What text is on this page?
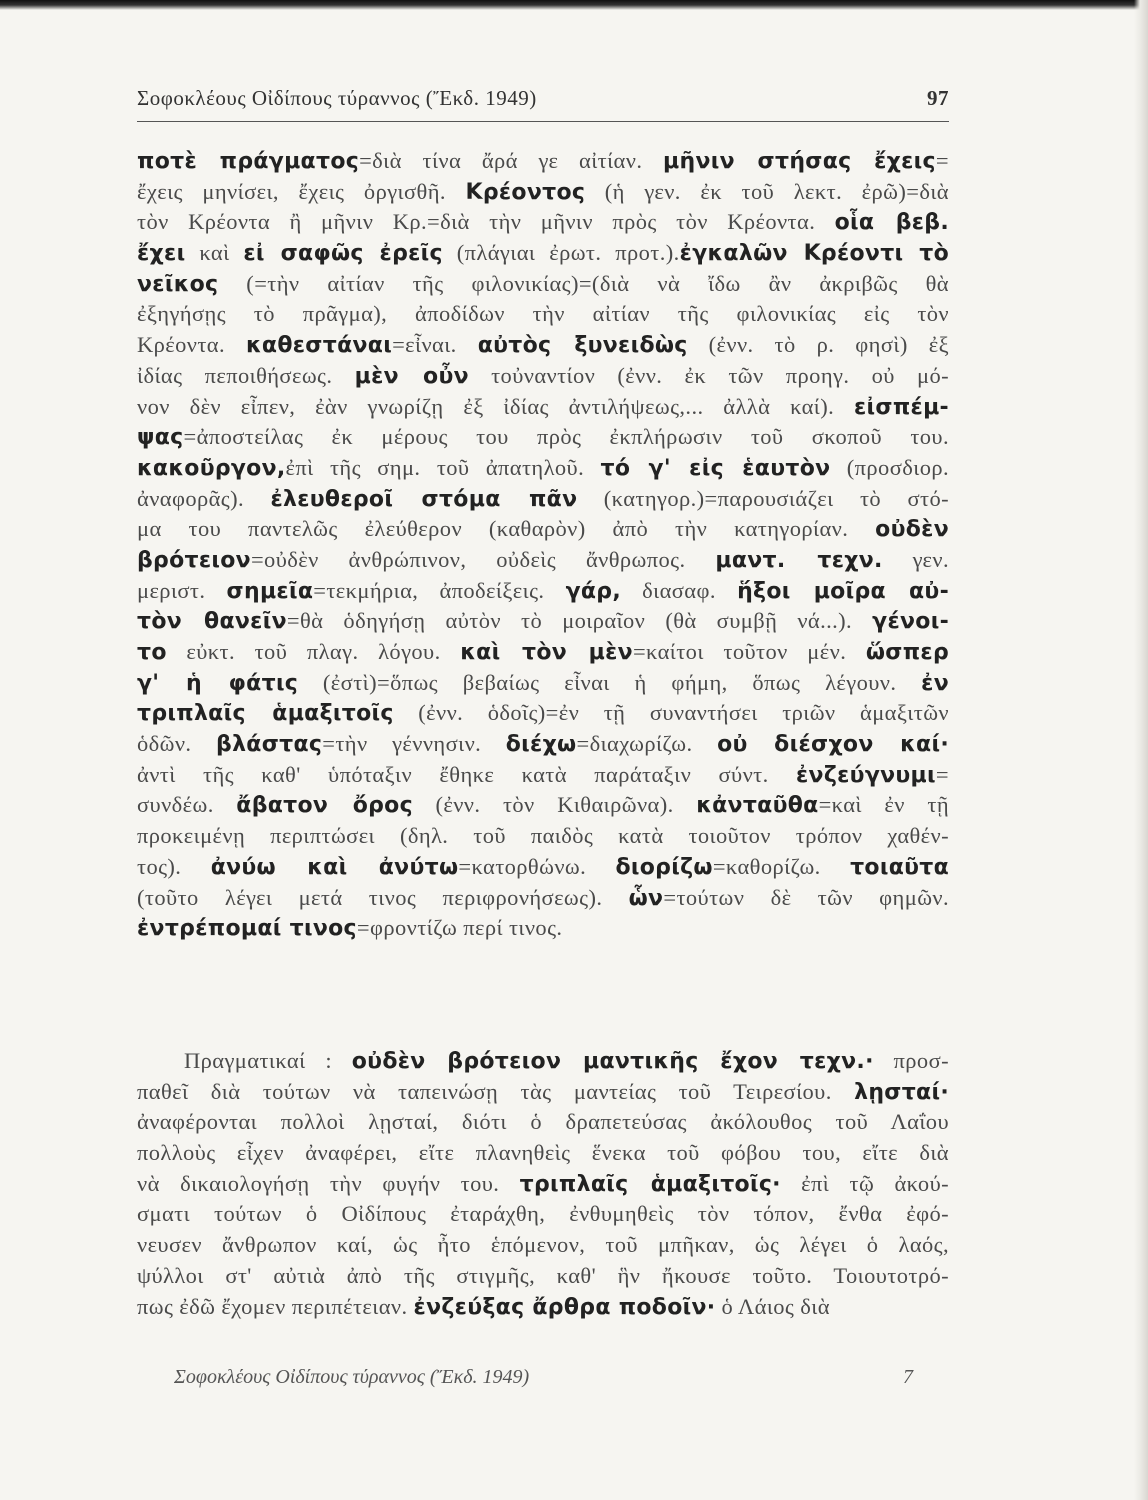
Σοφοκλέους Οἰδίπους τύραννος (Ἔκδ. 1949)	97
ποτὲ πράγματος=διὰ τίνα ἄρά γε αἰτίαν. μῆνιν στήσας ἔχεις=
ἔχεις μηνίσει, ἔχεις ὀργισθῆ. Κρέοντος (ἡ γεν. ἐκ τοῦ λεκτ. ἐρῶ)=διὰ
τὸν Κρέοντα ἢ μῆνιν Κρ.=διὰ τὴν μῆνιν πρὸς τὸν Κρέοντα. οἷα βεβ.
ἔχει καὶ εἰ σαφῶς ἐρεῖς (πλάγιαι ἐρωτ. προτ.).ἐγκαλῶν Κρέοντι τὸ
νεῖκος (=τὴν αἰτίαν τῆς φιλονικίας)=(διὰ νὰ ἴδω ἂν ἀκριβῶς θὰ
ἐξηγήσῃς τὸ πρᾶγμα), ἀποδίδων τὴν αἰτίαν τῆς φιλονικίας εἰς τὸν
Κρέοντα. καθεστάναι=εἶναι. αὐτὸς ξυνειδὼς (ἐνν. τὸ ρ. φησὶ) ἐξ
ἰδίας πεποιθήσεως. μὲν οὖν τοὐναντίον (ἐνν. ἐκ τῶν προηγ. οὐ μό-
νον δὲν εἶπεν, ἐὰν γνωρίζῃ ἐξ ἰδίας ἀντιλήψεως,... ἀλλὰ καί). εἰσπέμ-
ψας=ἀποστείλας ἐκ μέρους του πρὸς ἐκπλήρωσιν τοῦ σκοποῦ του.
κακοῦργον,ἐπὶ τῆς σημ. τοῦ ἀπατηλοῦ. τό γ' εἰς ἑαυτὸν (προσδιορ.
ἀναφορᾶς). ἐλευθεροῖ στόμα πᾶν (κατηγορ.)=παρουσιάζει τὸ στό-
μα του παντελῶς ἐλεύθερον (καθαρὸν) ἀπὸ τὴν κατηγορίαν. οὐδὲν
βρότειον=οὐδὲν ἀνθρώπινον, οὐδεὶς ἄνθρωπος. μαντ. τεχν. γεν.
μεριστ. σημεῖα=τεκμήρια, ἀποδείξεις. γάρ, διασαφ. ἥξοι μοῖρα αὐ-
τὸν θανεῖν=θὰ ὁδηγήσῃ αὐτὸν τὸ μοιραῖον (θὰ συμβῇ νά...). γένοι-
το εὐκτ. τοῦ πλαγ. λόγου. καὶ τὸν μὲν=καίτοι τοῦτον μέν. ὥσπερ
γ' ἡ φάτις (ἐστὶ)=ὅπως βεβαίως εἶναι ἡ φήμη, ὅπως λέγουν. ἐν
τριπλαῖς ἁμαξιτοῖς (ἐνν. ὁδοῖς)=ἐν τῇ συναντήσει τριῶν ἁμαξιτῶν
ὁδῶν. βλάστας=τὴν γέννησιν. διέχω=διαχωρίζω. οὐ διέσχον καί·
ἀντὶ τῆς καθ' ὑπόταξιν ἔθηκε κατὰ παράταξιν σύντ. ἐνζεύγνυμι=
συνδέω. ἄβατον ὄρος (ἐνν. τὸν Κιθαιρῶνα). κἀνταῦθα=καὶ ἐν τῇ
προκειμένῃ περιπτώσει (δηλ. τοῦ παιδὸς κατὰ τοιοῦτον τρόπον χαθέν-
τος). ἀνύω καὶ ἀνύτω=κατορθώνω. διορίζω=καθορίζω. τοιαῦτα
(τοῦτο λέγει μετά τινος περιφρονήσεως). ὧν=τούτων δὲ τῶν φημῶν.
ἐντρέπομαί τινος=φροντίζω περί τινος.
Πραγματικαί : οὐδὲν βρότειον μαντικῆς ἔχον τεχν.· προσ-
παθεῖ διὰ τούτων νὰ ταπεινώσῃ τὰς μαντείας τοῦ Τειρεσίου. λῃσταί·
ἀναφέρονται πολλοὶ λῃσταί, διότι ὁ δραπετεύσας ἀκόλουθος τοῦ Λαΐου
πολλοὺς εἶχεν ἀναφέρει, εἴτε πλανηθεὶς ἕνεκα τοῦ φόβου του, εἴτε διὰ
νὰ δικαιολογήσῃ τὴν φυγήν του. τριπλαῖς ἁμαξιτοῖς· ἐπὶ τῷ ἀκού-
σματι τούτων ὁ Οἰδίπους ἐταράχθη, ἐνθυμηθεὶς τὸν τόπον, ἔνθα ἐφό-
νευσεν ἄνθρωπον καί, ὡς ἦτο ἑπόμενον, τοῦ μπῆκαν, ὡς λέγει ὁ λαός,
ψύλλοι στ' αὐτιὰ ἀπὸ τῆς στιγμῆς, καθ' ἣν ἤκουσε τοῦτο. Τοιουτοτρό-
πως ἐδῶ ἔχομεν περιπέτειαν. ἐνζεύξας ἄρθρα ποδοῖν· ὁ Λάιος διὰ
Σοφοκλέους Οἰδίπους τύραννος (Ἔκδ. 1949)	7
